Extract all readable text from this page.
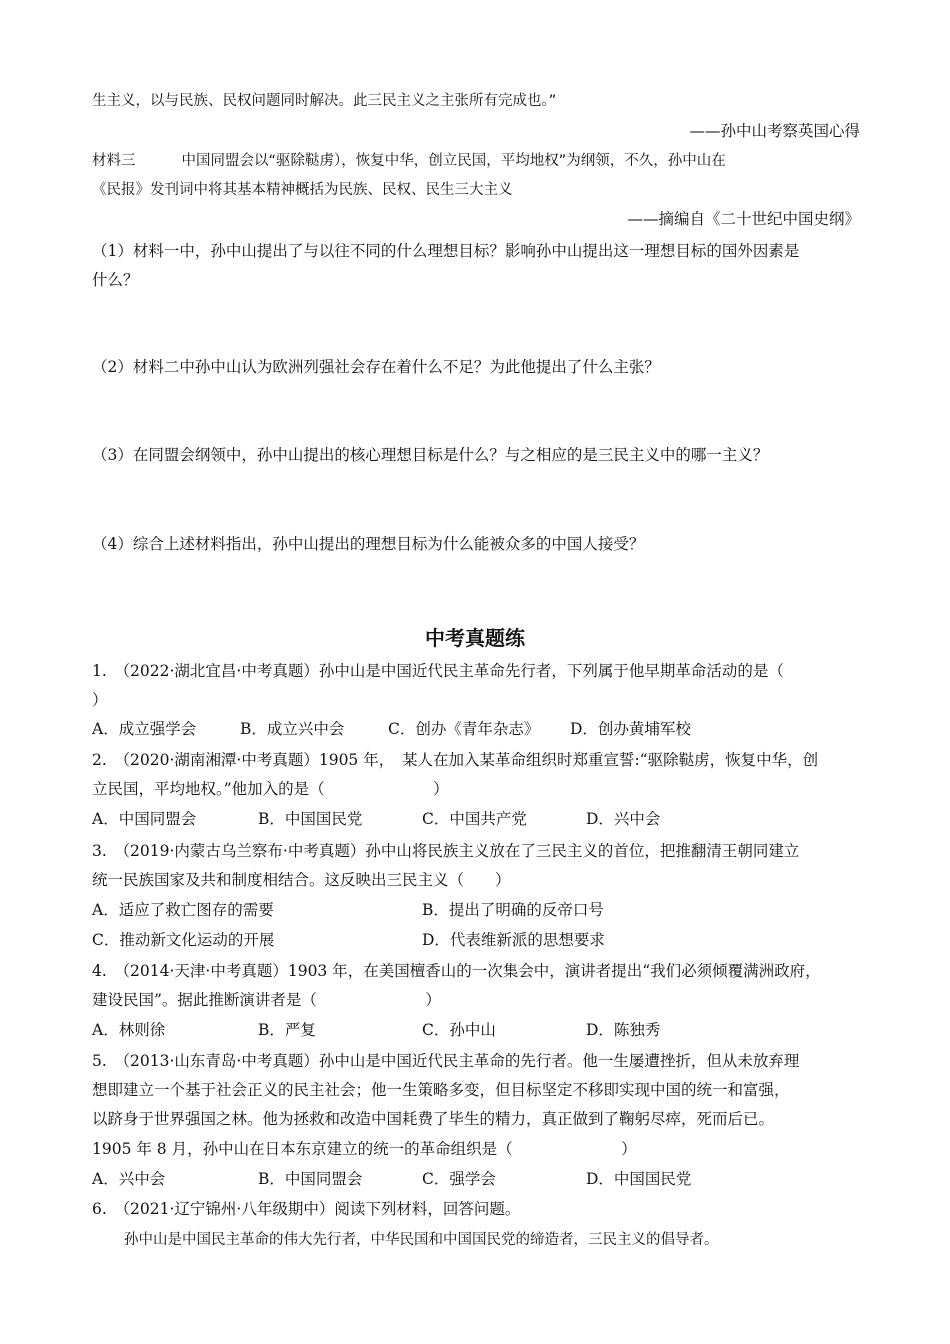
生主义，以与民族、民权问题同时解决。此三民主义之主张所有完成也。”
——孙中山考察英国心得
材料三	中国同盟会以“驱除鞑虏），恢复中华，创立民国，平均地权”为纲领，不久，孙中山在
《民报》发刊词中将其基本精神概括为民族、民权、民生三大主义
——摘编自《二十世纪中国史纲》
（1）材料一中，孙中山提出了与以往不同的什么理想目标？影响孙中山提出这一理想目标的国外因素是
什么？
（2）材料二中孙中山认为欧洲列强社会存在着什么不足？为此他提出了什么主张？
（3）在同盟会纲领中，孙中山提出的核心理想目标是什么？与之相应的是三民主义中的哪一主义？
（4）综合上述材料指出，孙中山提出的理想目标为什么能被众多的中国人接受？
中考真题练
1.　（2022·湖北宜昌·中考真题）孙中山是中国近代民主革命先行者，下列属于他早期革命活动的是（
）
A．成立强学会	B．成立兴中会	C．创办《青年杂志》 D．创办黄埔军校
2.　（2020·湖南湘潭·中考真题）1905 年，　某人在加入某革命组织时郑重宣誓:“驱除鞑虏，恢复中华，创
立民国，平均地权。”他加入的是（　　　　　　　）
A．中国同盟会	B．中国国民党	C．中国共产党	D．兴中会
3.　（2019·内蒙古乌兰察布·中考真题）孙中山将民族主义放在了三民主义的首位，把推翻清王朝同建立
统一民族国家及共和制度相结合。这反映出三民主义（　　）
A．适应了救亡图存的需要	B．提出了明确的反帝口号
C．推动新文化运动的开展	D．代表维新派的思想要求
4.　（2014·天津·中考真题）1903 年，在美国檀香山的一次集会中，演讲者提出“我们必须倾覆满洲政府，
建设民国”。据此推断演讲者是（　　　　　　　）
A．林则徐	B．严复	C．孙中山	D．陈独秀
5.　（2013·山东青岛·中考真题）孙中山是中国近代民主革命的先行者。他一生屡遭挫折，但从未放弃理
想即建立一个基于社会正义的民主社会；他一生策略多变，但目标坚定不移即实现中国的统一和富强，
以跻身于世界强国之林。他为拯救和改造中国耗费了毕生的精力，真正做到了鞠躬尽瘁，死而后已。
1905 年 8 月，孙中山在日本东京建立的统一的革命组织是（　　　　　　　）
A．兴中会	B．中国同盟会	C．强学会	D．中国国民党
6.　（2021·辽宁锦州·八年级期中）阅读下列材料，回答问题。
孙中山是中国民主革命的伟大先行者，中华民国和中国国民党的缔造者，三民主义的倡导者。
